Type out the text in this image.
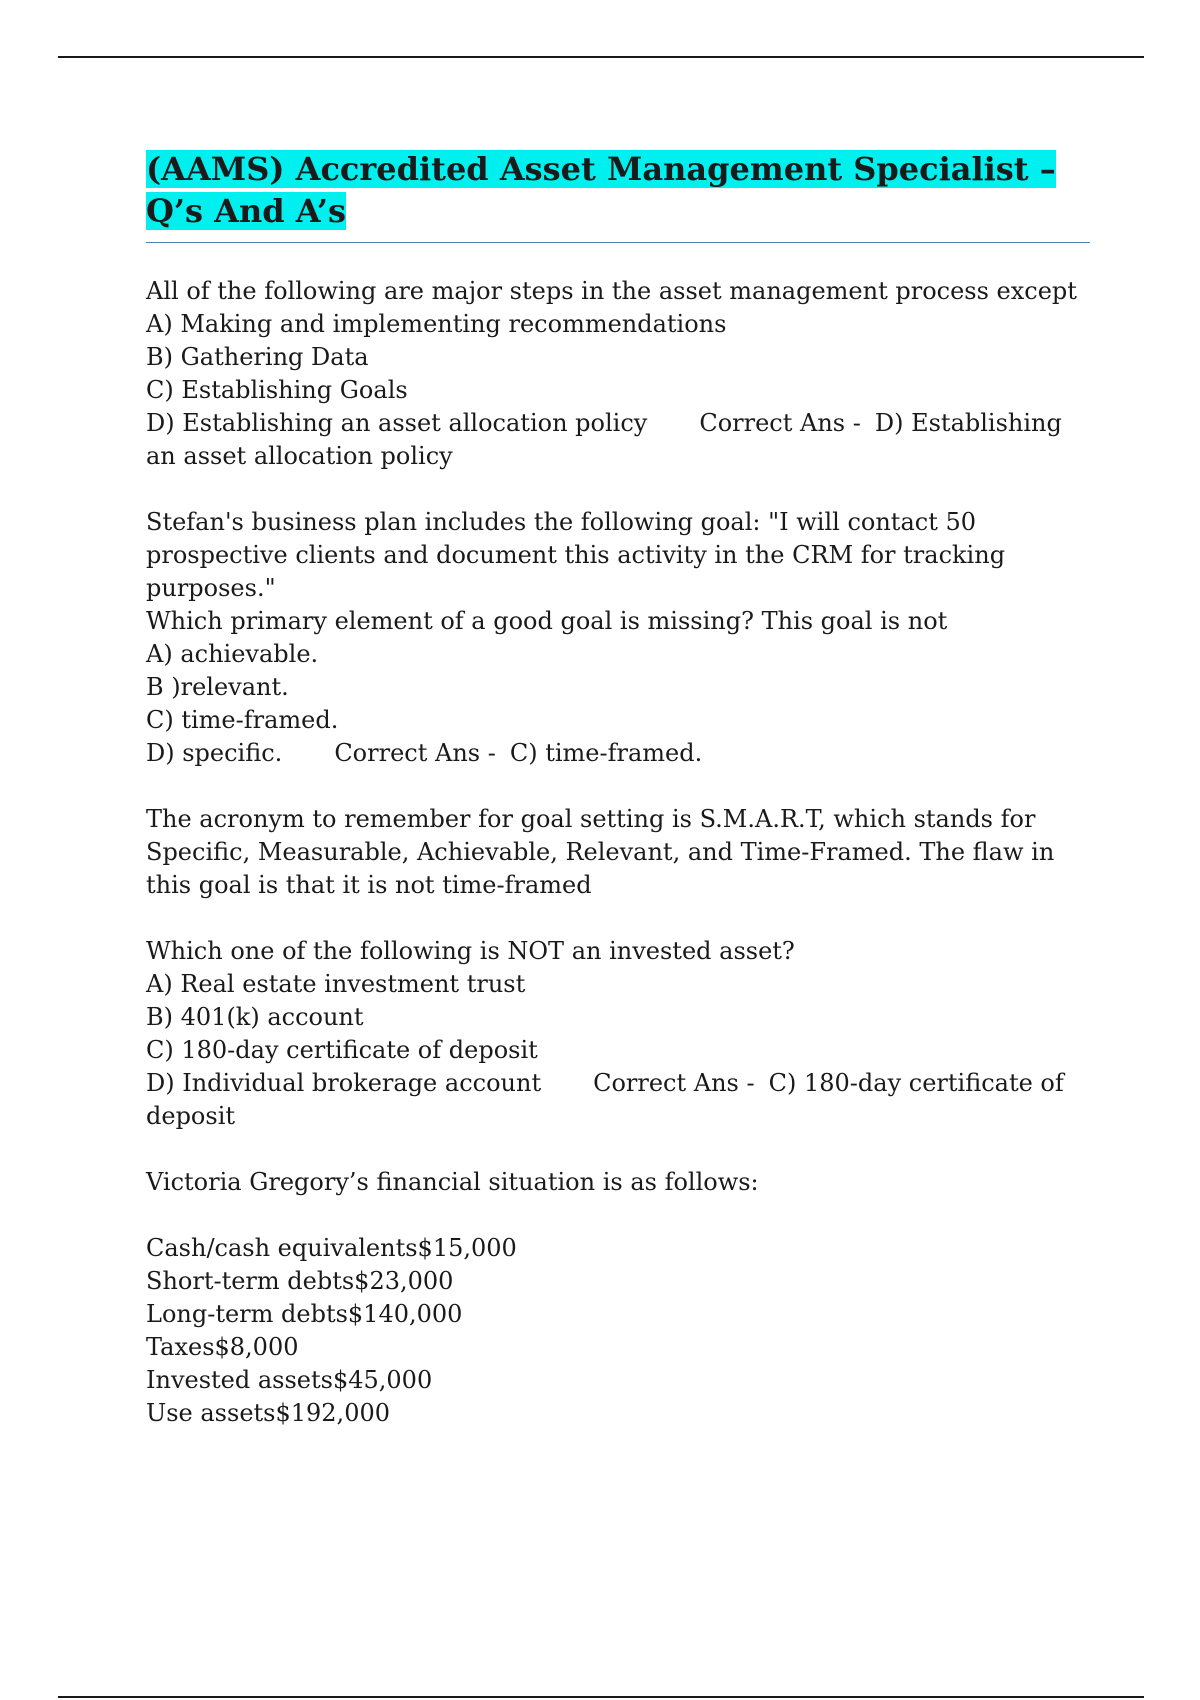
(AAMS) Accredited Asset Management Specialist – Q’s And A’s
All of the following are major steps in the asset management process except
A) Making and implementing recommendations
B) Gathering Data
C) Establishing Goals
D) Establishing an asset allocation policy Correct Ans - D) Establishing an asset allocation policy
Stefan's business plan includes the following goal: "I will contact 50 prospective clients and document this activity in the CRM for tracking purposes."
Which primary element of a good goal is missing? This goal is not
A) achievable.
B )relevant.
C) time-framed.
D) specific. Correct Ans - C) time-framed.
The acronym to remember for goal setting is S.M.A.R.T, which stands for Specific, Measurable, Achievable, Relevant, and Time-Framed. The flaw in this goal is that it is not time-framed
Which one of the following is NOT an invested asset?
A) Real estate investment trust
B) 401(k) account
C) 180-day certificate of deposit
D) Individual brokerage account Correct Ans - C) 180-day certificate of deposit
Victoria Gregory’s financial situation is as follows:
Cash/cash equivalents$15,000
Short-term debts$23,000
Long-term debts$140,000
Taxes$8,000
Invested assets$45,000
Use assets$192,000
